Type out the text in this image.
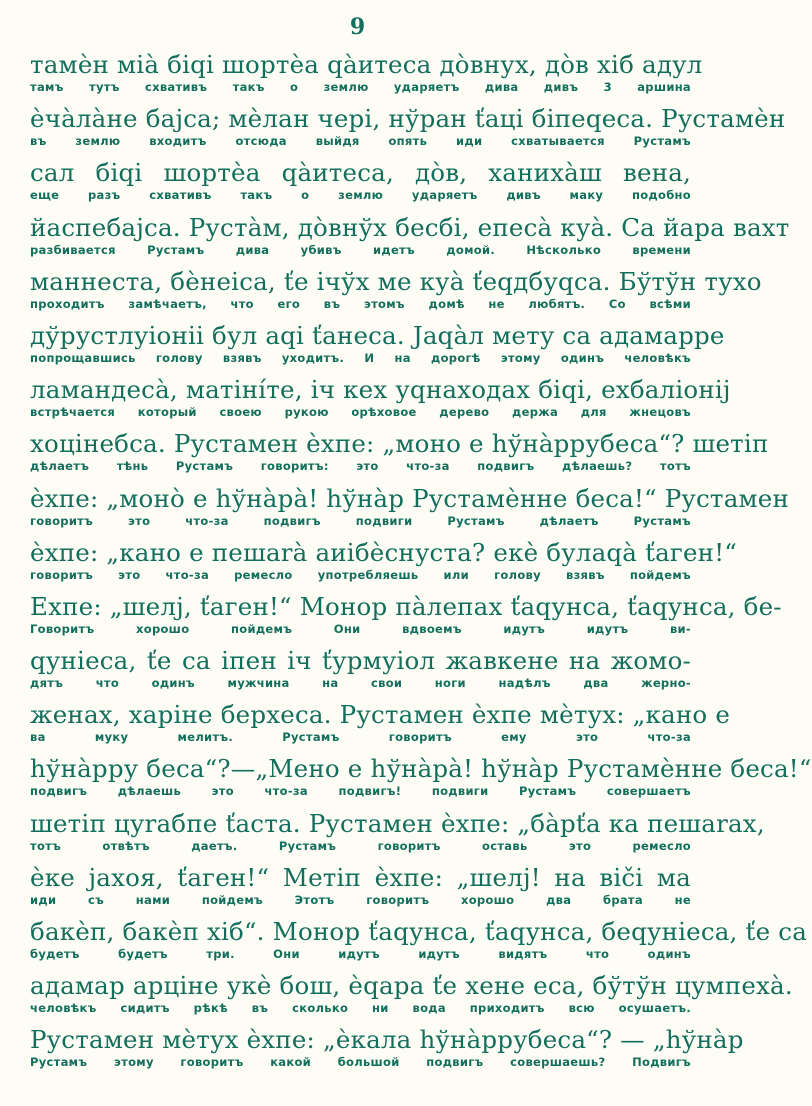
9
тамèн міà біqі шортèа qàитеса дòвнух, дòв хіб адул
тамъ тутъ схвативъ такъ о землю ударяетъ дива дивъ 3 аршина
ѐчàлàне бајса; мѐлан чері, нўран ťаці біпеqеса. Рустамѐн
въ землю входитъ отсюда выйдя опять иди схватывается Рустамъ
сал біqі шортѐа qàитеса, дòв, ханихàш вена,
еще разъ схвативъ такъ о землю ударяетъ дивъ маку подобно
йаспебајса. Рустàм, дòвнўх бесбі, епесà куà. Са йара вахт
разбивается Рустамъ дива убивъ идетъ домой. Нѣсколько времени
маннеста, бèнеіса, ťе ічўх ме куà ťеqдбуqса. Бўтўн тухо
проходитъ замѣчаетъ, что его въ этомъ домѣ не любятъ. Со всѣми
дўрустлуіоніі бул аqі ťанеса. Јаqàл мету са адамаррe
попрощавшись голову взявъ уходитъ. И на дорогѣ этому одинъ человѣкъ
ламандесà, матіні́те, іч кех уqнаходах біqі, ехбаліоніj
встрѣчается который своею рукою орѣховое дерево держа для жнецовъ
хоцінебса. Рустамен ѐхпе: „моно е hўнàррубеса“? шетіп
дѣлаетъ тѣнь Рустамъ говоритъ: это что-за подвигъ дѣлаешь? тотъ
ѐхпе: „монò е hўнàрà! hўнàр Рустамѐнне беса!“ Рустамен
говоритъ это что-за подвигъ подвиги Рустамъ дѣлаетъ Рустамъ
ѐхпе: „кано е пешаrà аиібѐснуста? екѐ булаqà ťаген!“
говоритъ это что-за ремесло употребляешь или голову взявъ пойдемъ
Ехпе: „шелј, ťаген!“ Монор пàлепах ťаqунса, ťаqунса, бе-
Говоритъ хорошо пойдемъ Они вдвоемъ идутъ идутъ ви-
qуніеса, ťе са іпен іч ťурмуіол жавкене на жомо-
дятъ что одинъ мужчина на свои ноги надѣлъ два жерно-
женах, харіне берхеса. Рустамен ѐхпе мèтух: „кано е
ва муку мелитъ. Рустамъ говоритъ ему это что-за
hўнàрру беса“?—„Мено е hўнàрà! hўнàр Рустамèнне беса!“
подвигъ дѣлаешь это что-за подвигъ! подвиги Рустамъ совершаетъ
шетіп цуrабпе ťаста. Рустамен ѐхпе: „бàрťа ка пешаrах,
тотъ отвѣтъ даетъ. Рустамъ говоритъ оставь это ремесло
ѐке јахоя, ťаген!“ Метіп ѐхпе: „шелј! на віčі ма
иди съ нами пойдемъ Этотъ говоритъ хорошо два брата не
бакѐп, бакѐп хіб“. Монор ťаqунса, ťаqунса, беqуніеса, ťе са
будетъ будетъ три. Они идутъ идутъ видятъ что одинъ
адамар арціне укѐ бош, ѐqара ťе хене еса, бўтўн цумпехà.
человѣкъ сидитъ рѣкѣ въ сколько ни вода приходитъ всю осушаетъ.
Рустамен мèтух ѐхпе: „ѐкала hўнàррубеса“? — „hўнàр
Рустамъ этому говоритъ какой большой подвигъ совершаешь? Подвигъ
